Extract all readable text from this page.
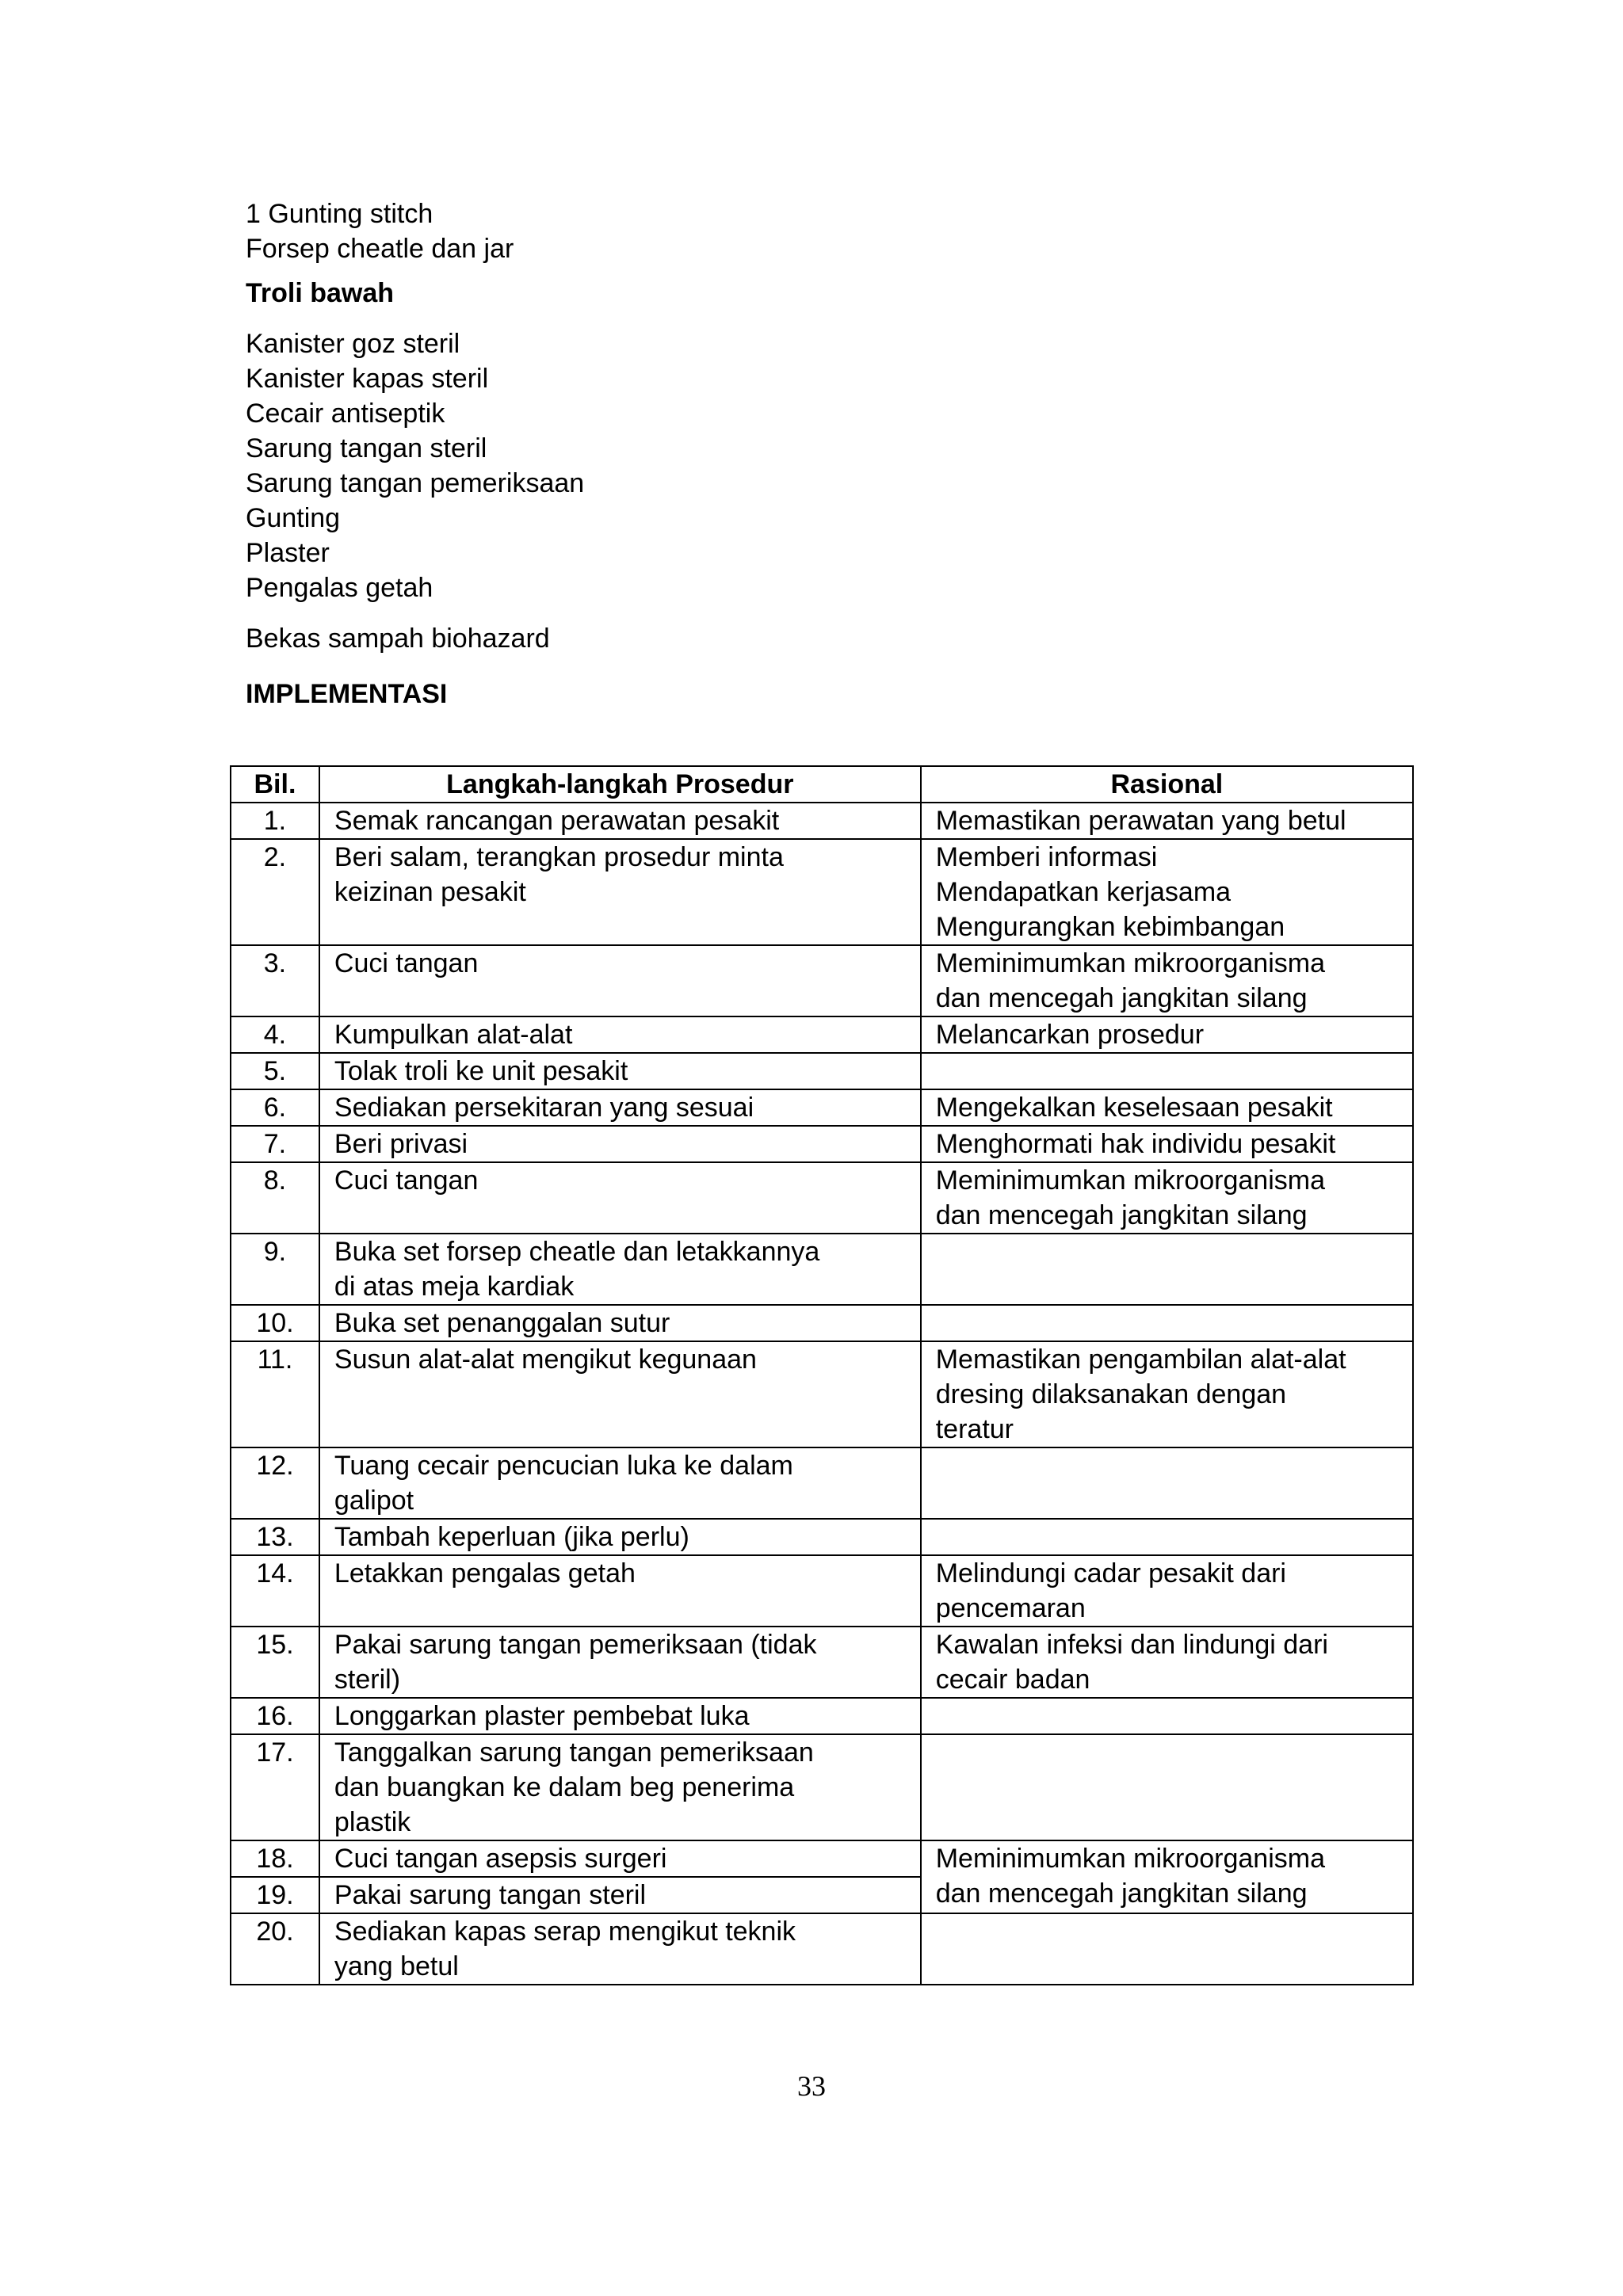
1 Gunting stitch
Forsep cheatle dan jar
Troli bawah
Kanister goz steril
Kanister kapas steril
Cecair antiseptik
Sarung tangan steril
Sarung tangan pemeriksaan
Gunting
Plaster
Pengalas getah
Bekas sampah biohazard
IMPLEMENTASI
Bil.	Langkah-langkah Prosedur	Rasional
1.	Semak rancangan perawatan pesakit	Memastikan perawatan yang betul
2.	Beri salam, terangkan prosedur minta
keizinan pesakit	Memberi informasi
Mendapatkan kerjasama
Mengurangkan kebimbangan
3.	Cuci tangan	Meminimumkan mikroorganisma
dan mencegah jangkitan silang
4.	Kumpulkan alat-alat	Melancarkan prosedur
5.	Tolak troli ke unit pesakit	
6.	Sediakan persekitaran yang sesuai	Mengekalkan keselesaan pesakit
7.	Beri privasi	Menghormati hak individu pesakit
8.	Cuci tangan	Meminimumkan mikroorganisma
dan mencegah jangkitan silang
9.	Buka set forsep cheatle dan letakkannya
di atas meja kardiak	
10.	Buka set penanggalan sutur	
11.	Susun alat-alat mengikut kegunaan	Memastikan pengambilan alat-alat
dresing dilaksanakan dengan
teratur
12.	Tuang cecair pencucian luka ke dalam
galipot	
13.	Tambah keperluan (jika perlu)	
14.	Letakkan pengalas getah	Melindungi cadar pesakit dari
pencemaran
15.	Pakai sarung tangan pemeriksaan (tidak
steril)	Kawalan infeksi dan lindungi dari
cecair badan
16.	Longgarkan plaster pembebat luka	
17.	Tanggalkan sarung tangan pemeriksaan
dan buangkan ke dalam beg penerima
plastik	
18.	Cuci tangan asepsis surgeri	Meminimumkan mikroorganisma
dan mencegah jangkitan silang
19.	Pakai sarung tangan steril	
20.	Sediakan kapas serap mengikut teknik
yang betul	
33
